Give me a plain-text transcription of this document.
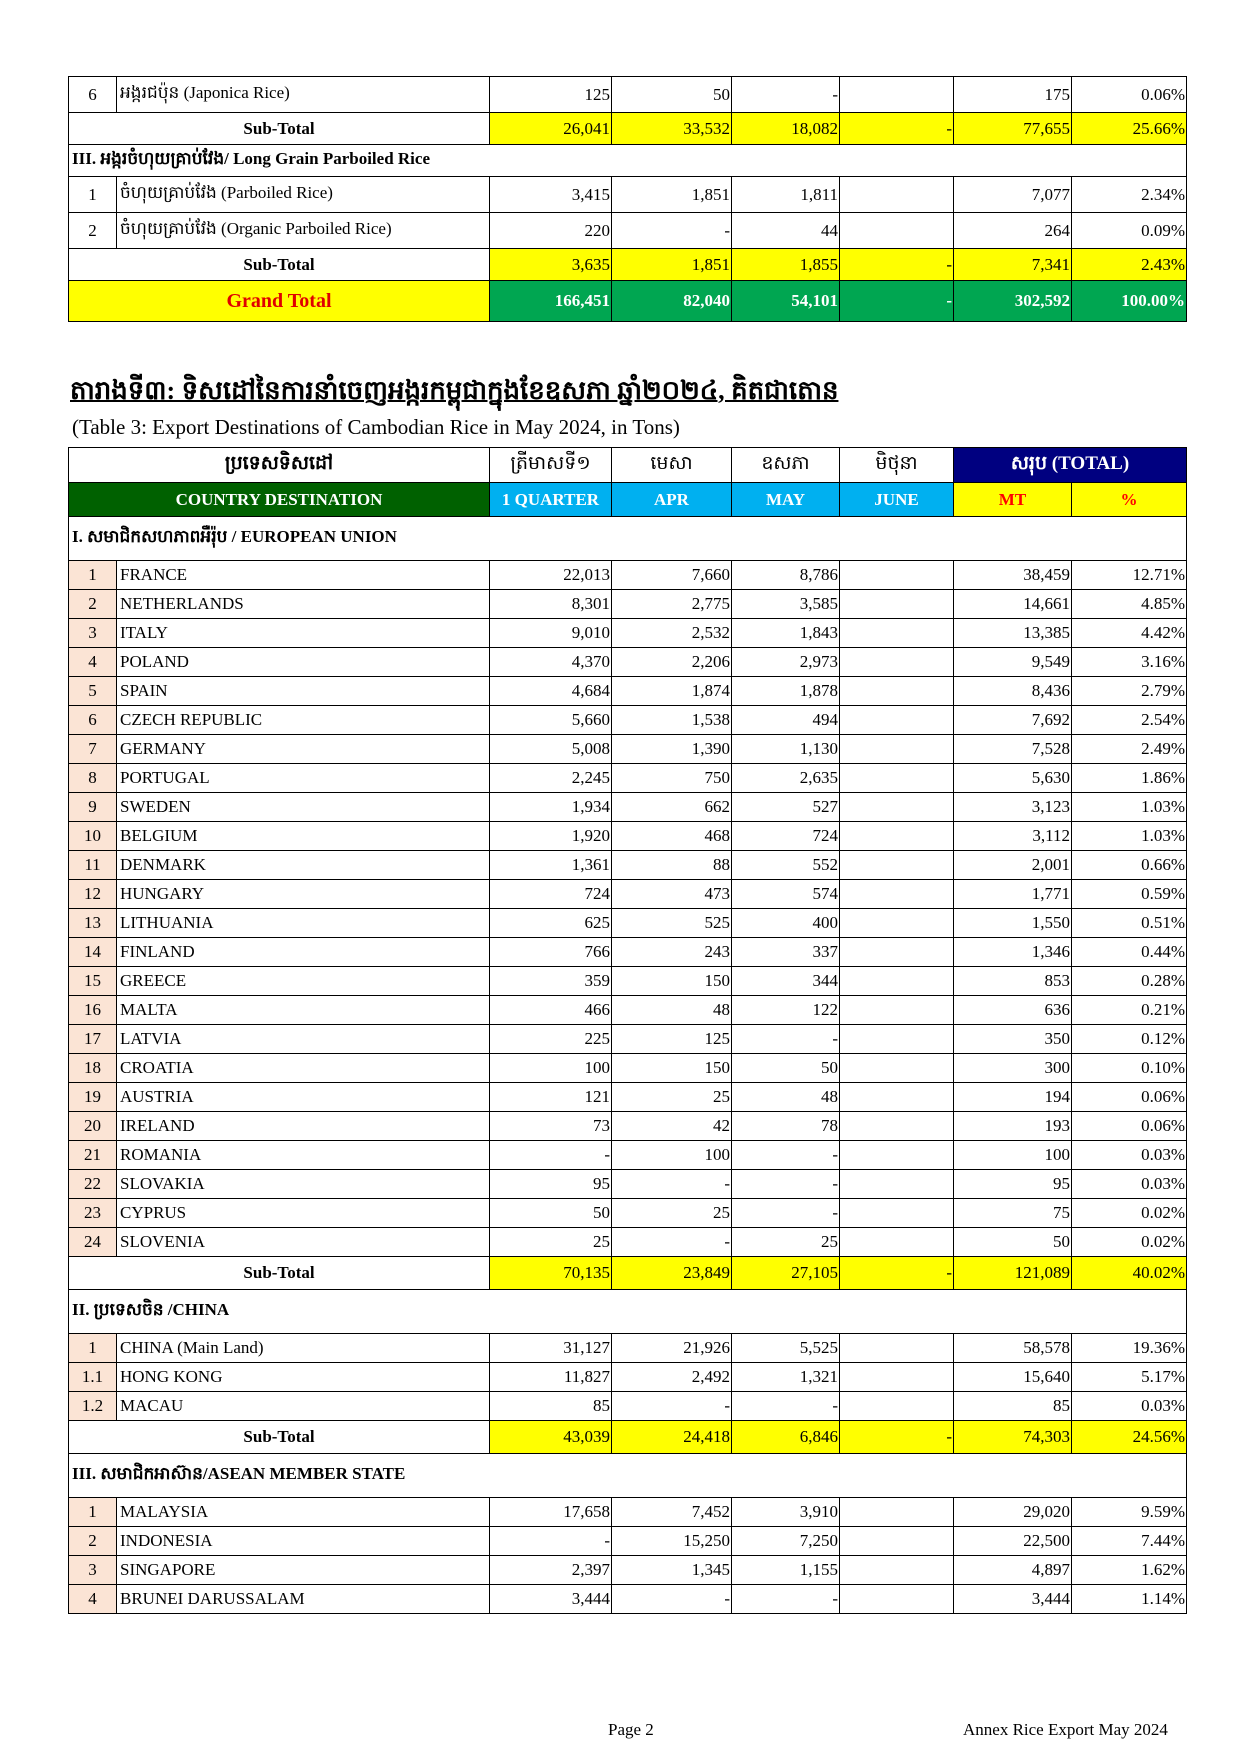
6	អង្ករជប៉ុន (Japonica Rice)	125	50	-		175	0.06%
Sub-Total		26,041	33,532	18,082	-	77,655	25.66%
III. អង្ករចំហុយគ្រាប់វែង/ Long Grain Parboiled Rice							
1	ចំហុយគ្រាប់វែង (Parboiled Rice)	3,415	1,851	1,811		7,077	2.34%
2	ចំហុយគ្រាប់វែង (Organic Parboiled Rice)	220	-	44		264	0.09%
Sub-Total		3,635	1,851	1,855	-	7,341	2.43%
Grand Total		166,451	82,040	54,101	-	302,592	100.00%
តារាងទី៣: ទិសដៅនៃការនាំចេញអង្ករកម្ពុជាក្នុងខែឧសភា ឆ្នាំ២០២៤, គិតជាតោន
(Table 3: Export Destinations of Cambodian Rice in May 2024, in Tons)
ប្រទេសទិសដៅ		ត្រីមាសទី១	មេសា	ឧសភា	មិថុនា	សរុប (TOTAL)	
COUNTRY DESTINATION		1 QUARTER	APR	MAY	JUNE	MT	%
I. សមាជិកសហភាពអឺរ៉ុប / EUROPEAN UNION							
1	FRANCE	22,013	7,660	8,786		38,459	12.71%
2	NETHERLANDS	8,301	2,775	3,585		14,661	4.85%
3	ITALY	9,010	2,532	1,843		13,385	4.42%
4	POLAND	4,370	2,206	2,973		9,549	3.16%
5	SPAIN	4,684	1,874	1,878		8,436	2.79%
6	CZECH REPUBLIC	5,660	1,538	494		7,692	2.54%
7	GERMANY	5,008	1,390	1,130		7,528	2.49%
8	PORTUGAL	2,245	750	2,635		5,630	1.86%
9	SWEDEN	1,934	662	527		3,123	1.03%
10	BELGIUM	1,920	468	724		3,112	1.03%
11	DENMARK	1,361	88	552		2,001	0.66%
12	HUNGARY	724	473	574		1,771	0.59%
13	LITHUANIA	625	525	400		1,550	0.51%
14	FINLAND	766	243	337		1,346	0.44%
15	GREECE	359	150	344		853	0.28%
16	MALTA	466	48	122		636	0.21%
17	LATVIA	225	125	-		350	0.12%
18	CROATIA	100	150	50		300	0.10%
19	AUSTRIA	121	25	48		194	0.06%
20	IRELAND	73	42	78		193	0.06%
21	ROMANIA	-	100	-		100	0.03%
22	SLOVAKIA	95	-	-		95	0.03%
23	CYPRUS	50	25	-		75	0.02%
24	SLOVENIA	25	-	25		50	0.02%
Sub-Total		70,135	23,849	27,105	-	121,089	40.02%
II. ប្រទេសចិន /CHINA							
1	CHINA (Main Land)	31,127	21,926	5,525		58,578	19.36%
1.1	HONG KONG	11,827	2,492	1,321		15,640	5.17%
1.2	MACAU	85	-	-		85	0.03%
Sub-Total		43,039	24,418	6,846	-	74,303	24.56%
III. សមាជិកអាស៊ាន/ASEAN MEMBER STATE							
1	MALAYSIA	17,658	7,452	3,910		29,020	9.59%
2	INDONESIA	-	15,250	7,250		22,500	7.44%
3	SINGAPORE	2,397	1,345	1,155		4,897	1.62%
4	BRUNEI DARUSSALAM	3,444	-	-		3,444	1.14%
Page 2	Annex Rice Export May 2024
